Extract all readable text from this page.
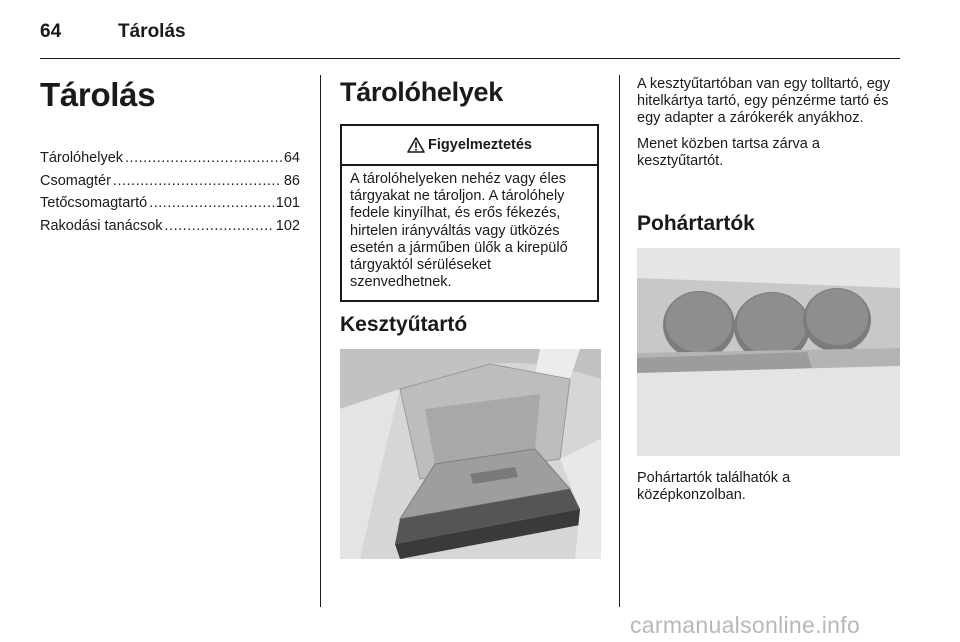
64	Tárolás
Tárolás
Tárolóhelyek .....	64
Csomagtér .....	86
Tetőcsomagtartó .....	101
Rakodási tanácsok .....	102
Tárolóhelyek
Figyelmeztetés
A tárolóhelyeken nehéz vagy éles tárgyakat ne tároljon. A tárolóhely fedele kinyílhat, és erős fékezés, hirtelen irányváltás vagy ütközés esetén a járműben ülők a kirepülő tárgyaktól sérüléseket szenvedhetnek.
Kesztyűtartó

A kesztyűtartóban van egy tolltartó, egy hitelkártya tartó, egy pénzérme tartó és egy adapter a zárókerék anyákhoz.

Menet közben tartsa zárva a kesztyűtartót.

Pohártartók
Pohártartók találhatók a középkonzolban.
carmanualsonline.info
